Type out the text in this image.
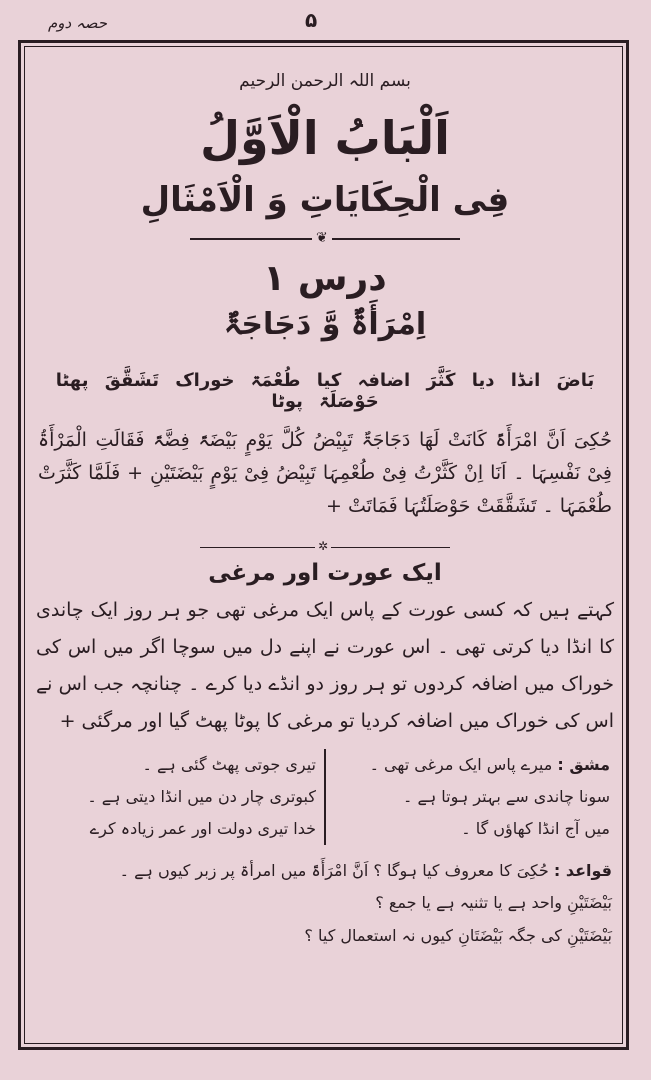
حصہ دوم	۵
بسم اللہ الرحمن الرحیم
اَلْبَابُ الْاَوَّلُ
فِی الْحِکَایَاتِ وَ الْاَمْثَالِ
❦
درس ۱
اِمْرَأَۃٌ وَّ دَجَاجَۃٌ
بَاضَ انڈا دیا کَثَّرَ اضافہ کیا طُعْمَۃ خوراک تَشَقَّقَ پھٹا حَوْصَلَۃ پوٹا
حُکِیَ اَنَّ امْرَأَۃً کَانَتْ لَھَا دَجَاجَۃٌ تَبِیْضُ کُلَّ یَوْمٍ بَیْضَۃً فِضَّۃً فَقَالَتِ الْمَرْأَۃُ فِیْ نَفْسِہَا ۔ اَنَا اِنْ کَثَّرْتُ فِیْ طُعْمِہَا تَبِیْضُ فِیْ یَوْمٍ بَیْضَتَیْنِ + فَلَمَّا کَثَّرَتْ طُعْمَہَا ۔ تَشَقَّقَتْ حَوْصَلَتُہَا فَمَاتَتْ +
✲
ایک عورت اور مرغی
کہتے ہیں کہ کسی عورت کے پاس ایک مرغی تھی جو ہر روز ایک چاندی کا انڈا دیا کرتی تھی ۔ اس عورت نے اپنے دل میں سوچا اگر میں اس کی خوراک میں اضافہ کردوں تو ہر روز دو انڈے دیا کرے ۔ چنانچہ جب اس نے اس کی خوراک میں اضافہ کردیا تو مرغی کا پوٹا پھٹ گیا اور مرگئی +
مشق : میرے پاس ایک مرغی تھی ۔
سونا چاندی سے بہتر ہوتا ہے ۔
میں آج انڈا کھاؤں گا ۔
تیری جوتی پھٹ گئی ہے ۔
کبوتری چار دن میں انڈا دیتی ہے ۔
خدا تیری دولت اور عمر زیادہ کرے
قواعد : حُکِیَ کا معروف کیا ہوگا ؟ اَنَّ امْرَأَۃً میں امرأۃ پر زبر کیوں ہے ۔
بَیْضَتَیْنِ واحد ہے یا تثنیہ ہے یا جمع ؟
بَیْضَتَیْنِ کی جگہ بَیْضَتَانِ کیوں نہ استعمال کیا ؟
